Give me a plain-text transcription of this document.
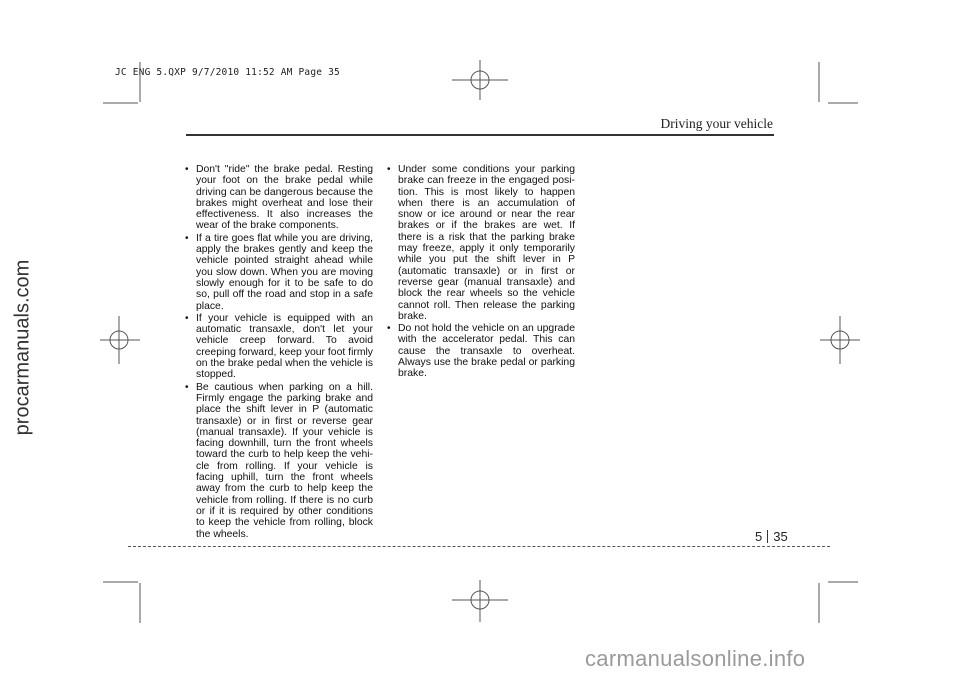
JC ENG 5.QXP 9/7/2010 11:52 AM Page 35
Driving your vehicle
• Don't "ride" the brake pedal. Resting your foot on the brake pedal while driving can be dangerous because the brakes might overheat and lose their effectiveness. It also increases the wear of the brake components.
• If a tire goes flat while you are driving, apply the brakes gently and keep the vehicle pointed straight ahead while you slow down. When you are moving slowly enough for it to be safe to do so, pull off the road and stop in a safe place.
• If your vehicle is equipped with an automatic transaxle, don't let your vehicle creep forward. To avoid creeping forward, keep your foot firmly on the brake pedal when the vehicle is stopped.
• Be cautious when parking on a hill. Firmly engage the parking brake and place the shift lever in P (automatic transaxle) or in first or reverse gear (manual transaxle). If your vehicle is facing downhill, turn the front wheels toward the curb to help keep the vehicle from rolling. If your vehicle is facing uphill, turn the front wheels away from the curb to help keep the vehicle from rolling. If there is no curb or if it is required by other conditions to keep the vehicle from rolling, block the wheels.
• Under some conditions your parking brake can freeze in the engaged position. This is most likely to happen when there is an accumulation of snow or ice around or near the rear brakes or if the brakes are wet. If there is a risk that the parking brake may freeze, apply it only temporarily while you put the shift lever in P (automatic transaxle) or in first or reverse gear (manual transaxle) and block the rear wheels so the vehicle cannot roll. Then release the parking brake.
• Do not hold the vehicle on an upgrade with the accelerator pedal. This can cause the transaxle to overheat. Always use the brake pedal or parking brake.
5 35
procarmanuals.com
carmanualsonline.info
